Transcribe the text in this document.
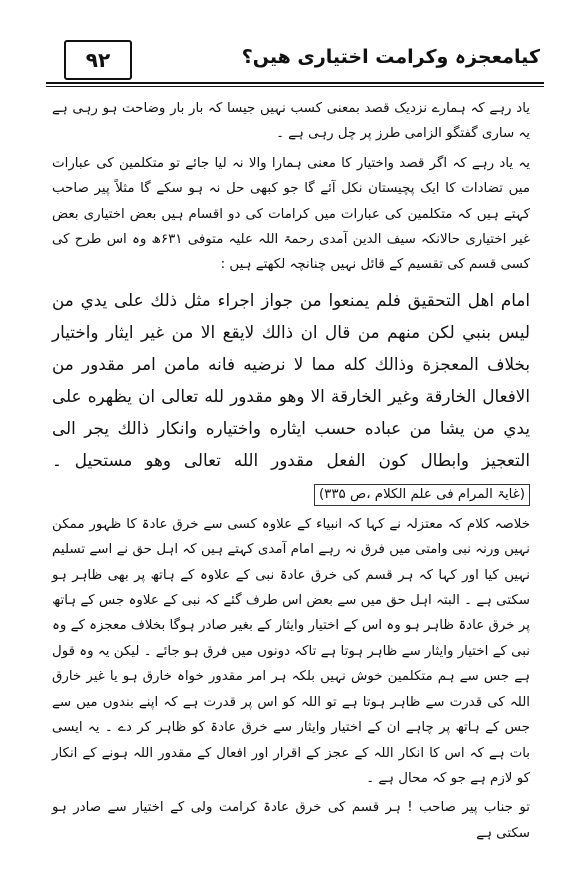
۹۲	کیامعجزہ وکرامت اختیاری ھیں؟

یاد رہے کہ ہمارے نزدیک قصد بمعنی کسب نہیں جیسا کہ بار بار وضاحت ہو رہی ہے یہ ساری گفتگو الزامی طرز پر چل رہی ہے ۔

یہ یاد رہے کہ اگر قصد واختیار کا معنی ہمارا والا نہ لیا جائے تو متکلمین کی عبارات میں تضادات کا ایک پچیستان نکل آئے گا جو کبھی حل نہ ہو سکے گا مثلاً پیر صاحب کہتے ہیں کہ متکلمین کی عبارات میں کرامات کی دو اقسام ہیں بعض اختیاری بعض غیر اختیاری حالانکہ سیف الدین آمدی رحمۃ اللہ علیہ متوفی ۶۳۱ھ وہ اس طرح کی کسی قسم کی تقسیم کے قائل نہیں چنانچہ لکھتے ہیں :

امام اهل التحقيق فلم يمنعوا من جواز اجراء مثل ذلك على يدي من ليس بنبي لكن منهم من قال ان ذالك لايقع الا من غير ايثار واختيار بخلاف المعجزة وذالك كله مما لا نرضيه فانه مامن امر مقدور من الافعال الخارقة وغير الخارقة الا وهو مقدور لله تعالى ان يظهره على يدي من يشا من عباده حسب ايثاره واختياره وانكار ذالك يجر الى التعجيز وابطال كون الفعل مقدور الله تعالى وهو مستحيل ۔ (غایۃ المرام فی علم الکلام ،ص ۳۳۵)

خلاصہ کلام کہ معتزلہ نے کہا کہ انبیاء کے علاوہ کسی سے خرق عادۃ کا ظہور ممکن نہیں ورنہ نبی وامتی میں فرق نہ رہے امام آمدی کہتے ہیں کہ اہل حق نے اسے تسلیم نہیں کیا اور کہا کہ ہر قسم کی خرق عادۃ نبی کے علاوہ کے ہاتھ پر بھی ظاہر ہو سکتی ہے ۔ البتہ اہل حق میں سے بعض اس طرف گئے کہ نبی کے علاوہ جس کے ہاتھ پر خرق عادۃ ظاہر ہو وہ اس کے اختیار وایثار کے بغیر صادر ہوگا بخلاف معجزہ کے وہ نبی کے اختیار وایثار سے ظاہر ہوتا ہے تاکہ دونوں میں فرق ہو جائے ۔ لیکن یہ وہ قول ہے جس سے ہم متکلمین خوش نہیں بلکہ ہر امر مقدور خواہ خارق ہو یا غیر خارق اللہ کی قدرت سے ظاہر ہوتا ہے تو اللہ کو اس پر قدرت ہے کہ اپنے بندوں میں سے جس کے ہاتھ پر چاہے ان کے اختیار وایثار سے خرق عادۃ کو ظاہر کر دے ۔ یہ ایسی بات ہے کہ اس کا انکار اللہ کے عجز کے اقرار اور افعال کے مقدور اللہ ہونے کے انکار کو لازم ہے جو کہ محال ہے ۔

تو جناب پیر صاحب ! ہر قسم کی خرق عادۃ کرامت ولی کے اختیار سے صادر ہو سکتی ہے
